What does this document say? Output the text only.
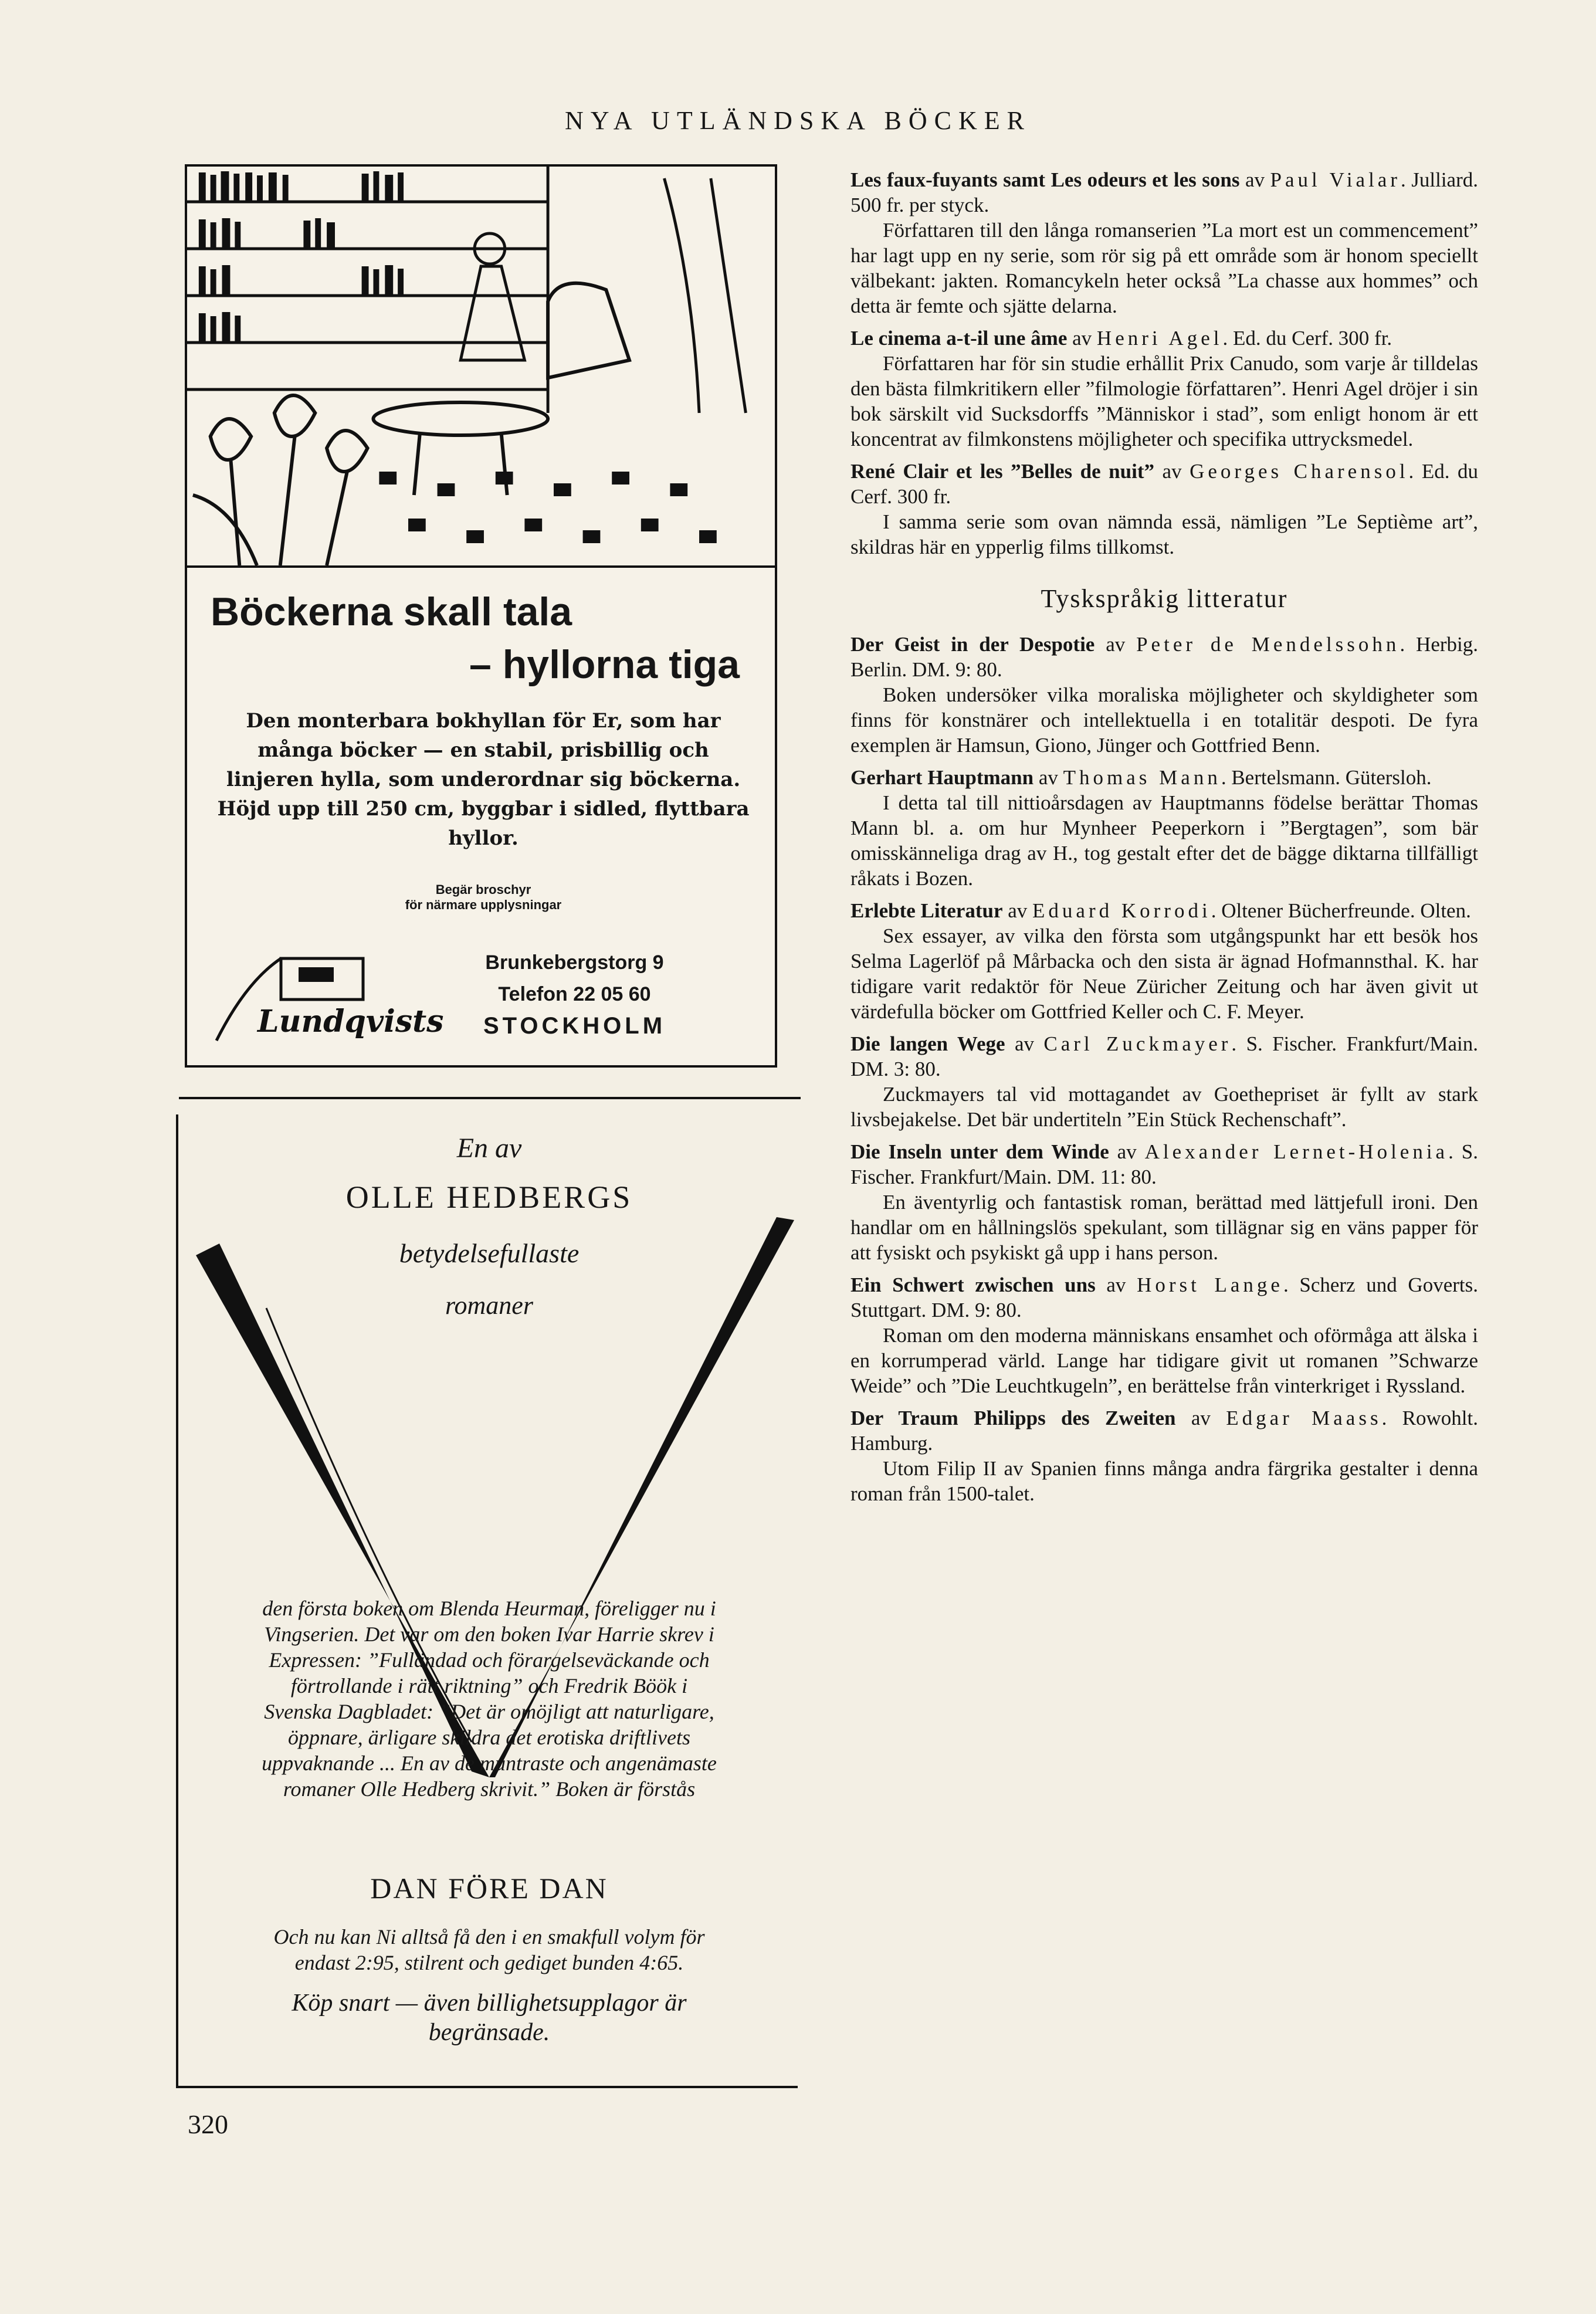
NYA UTLÄNDSKA BÖCKER
Böckerna skall tala
– hyllorna tiga
Den monterbara bokhyllan för Er, som har många böcker — en stabil, prisbillig och linjeren hylla, som underordnar sig böckerna. Höjd upp till 250 cm, byggbar i sidled, flyttbara hyllor.
Begär broschyr
för närmare upplysningar
Lundqvists
Brunkebergstorg 9
Telefon 22 05 60
STOCKHOLM
En av
OLLE HEDBERGS
betydelsefullaste
romaner
den första boken om Blenda Heurman, föreligger nu i Vingserien. Det var om den boken Ivar Harrie skrev i Expressen: ”Fulländad och förargelseväckande och förtrollande i rätt riktning” och Fredrik Böök i Svenska Dagbladet: ”Det är omöjligt att naturligare, öppnare, ärligare skildra det erotiska driftlivets uppvaknande ... En av de muntraste och angenämaste romaner Olle Hedberg skrivit.” Boken är förstås
DAN FÖRE DAN
Och nu kan Ni alltså få den i en smakfull volym för endast 2:95, stilrent och gediget bunden 4:65.
Köp snart — även billighetsupplagor är begränsade.
320

Les faux-fuyants samt Les odeurs et les sons av Paul Vialar. Julliard. 500 fr. per styck.

Författaren till den långa romanserien ”La mort est un commencement” har lagt upp en ny serie, som rör sig på ett område som är honom speciellt välbekant: jakten. Romancykeln heter också ”La chasse aux hommes” och detta är femte och sjätte delarna.

Le cinema a-t-il une âme av Henri Agel. Ed. du Cerf. 300 fr.

Författaren har för sin studie erhållit Prix Canudo, som varje år tilldelas den bästa filmkritikern eller ”filmologie författaren”. Henri Agel dröjer i sin bok särskilt vid Sucksdorffs ”Människor i stad”, som enligt honom är ett koncentrat av filmkonstens möjligheter och specifika uttrycksmedel.

René Clair et les ”Belles de nuit” av Georges Charensol. Ed. du Cerf. 300 fr.

I samma serie som ovan nämnda essä, nämligen ”Le Septième art”, skildras här en ypperlig films tillkomst.

Tyskspråkig litteratur

Der Geist in der Despotie av Peter de Mendelssohn. Herbig. Berlin. DM. 9: 80.

Boken undersöker vilka moraliska möjligheter och skyldigheter som finns för konstnärer och intellektuella i en totalitär despoti. De fyra exemplen är Hamsun, Giono, Jünger och Gottfried Benn.

Gerhart Hauptmann av Thomas Mann. Bertelsmann. Gütersloh.

I detta tal till nittioårsdagen av Hauptmanns födelse berättar Thomas Mann bl. a. om hur Mynheer Peeperkorn i ”Bergtagen”, som bär omisskänneliga drag av H., tog gestalt efter det de bägge diktarna tillfälligt råkats i Bozen.

Erlebte Literatur av Eduard Korrodi. Oltener Bücherfreunde. Olten.

Sex essayer, av vilka den första som utgångspunkt har ett besök hos Selma Lagerlöf på Mårbacka och den sista är ägnad Hofmannsthal. K. har tidigare varit redaktör för Neue Züricher Zeitung och har även givit ut värdefulla böcker om Gottfried Keller och C. F. Meyer.

Die langen Wege av Carl Zuckmayer. S. Fischer. Frankfurt/Main. DM. 3: 80.

Zuckmayers tal vid mottagandet av Goethepriset är fyllt av stark livsbejakelse. Det bär undertiteln ”Ein Stück Rechenschaft”.

Die Inseln unter dem Winde av Alexander Lernet-Holenia. S. Fischer. Frankfurt/Main. DM. 11: 80.

En äventyrlig och fantastisk roman, berättad med lättjefull ironi. Den handlar om en hållningslös spekulant, som tillägnar sig en väns papper för att fysiskt och psykiskt gå upp i hans person.

Ein Schwert zwischen uns av Horst Lange. Scherz und Goverts. Stuttgart. DM. 9: 80.

Roman om den moderna människans ensamhet och oförmåga att älska i en korrumperad värld. Lange har tidigare givit ut romanen ”Schwarze Weide” och ”Die Leuchtkugeln”, en berättelse från vinterkriget i Ryssland.

Der Traum Philipps des Zweiten av Edgar Maass. Rowohlt. Hamburg.

Utom Filip II av Spanien finns många andra färgrika gestalter i denna roman från 1500-talet.
